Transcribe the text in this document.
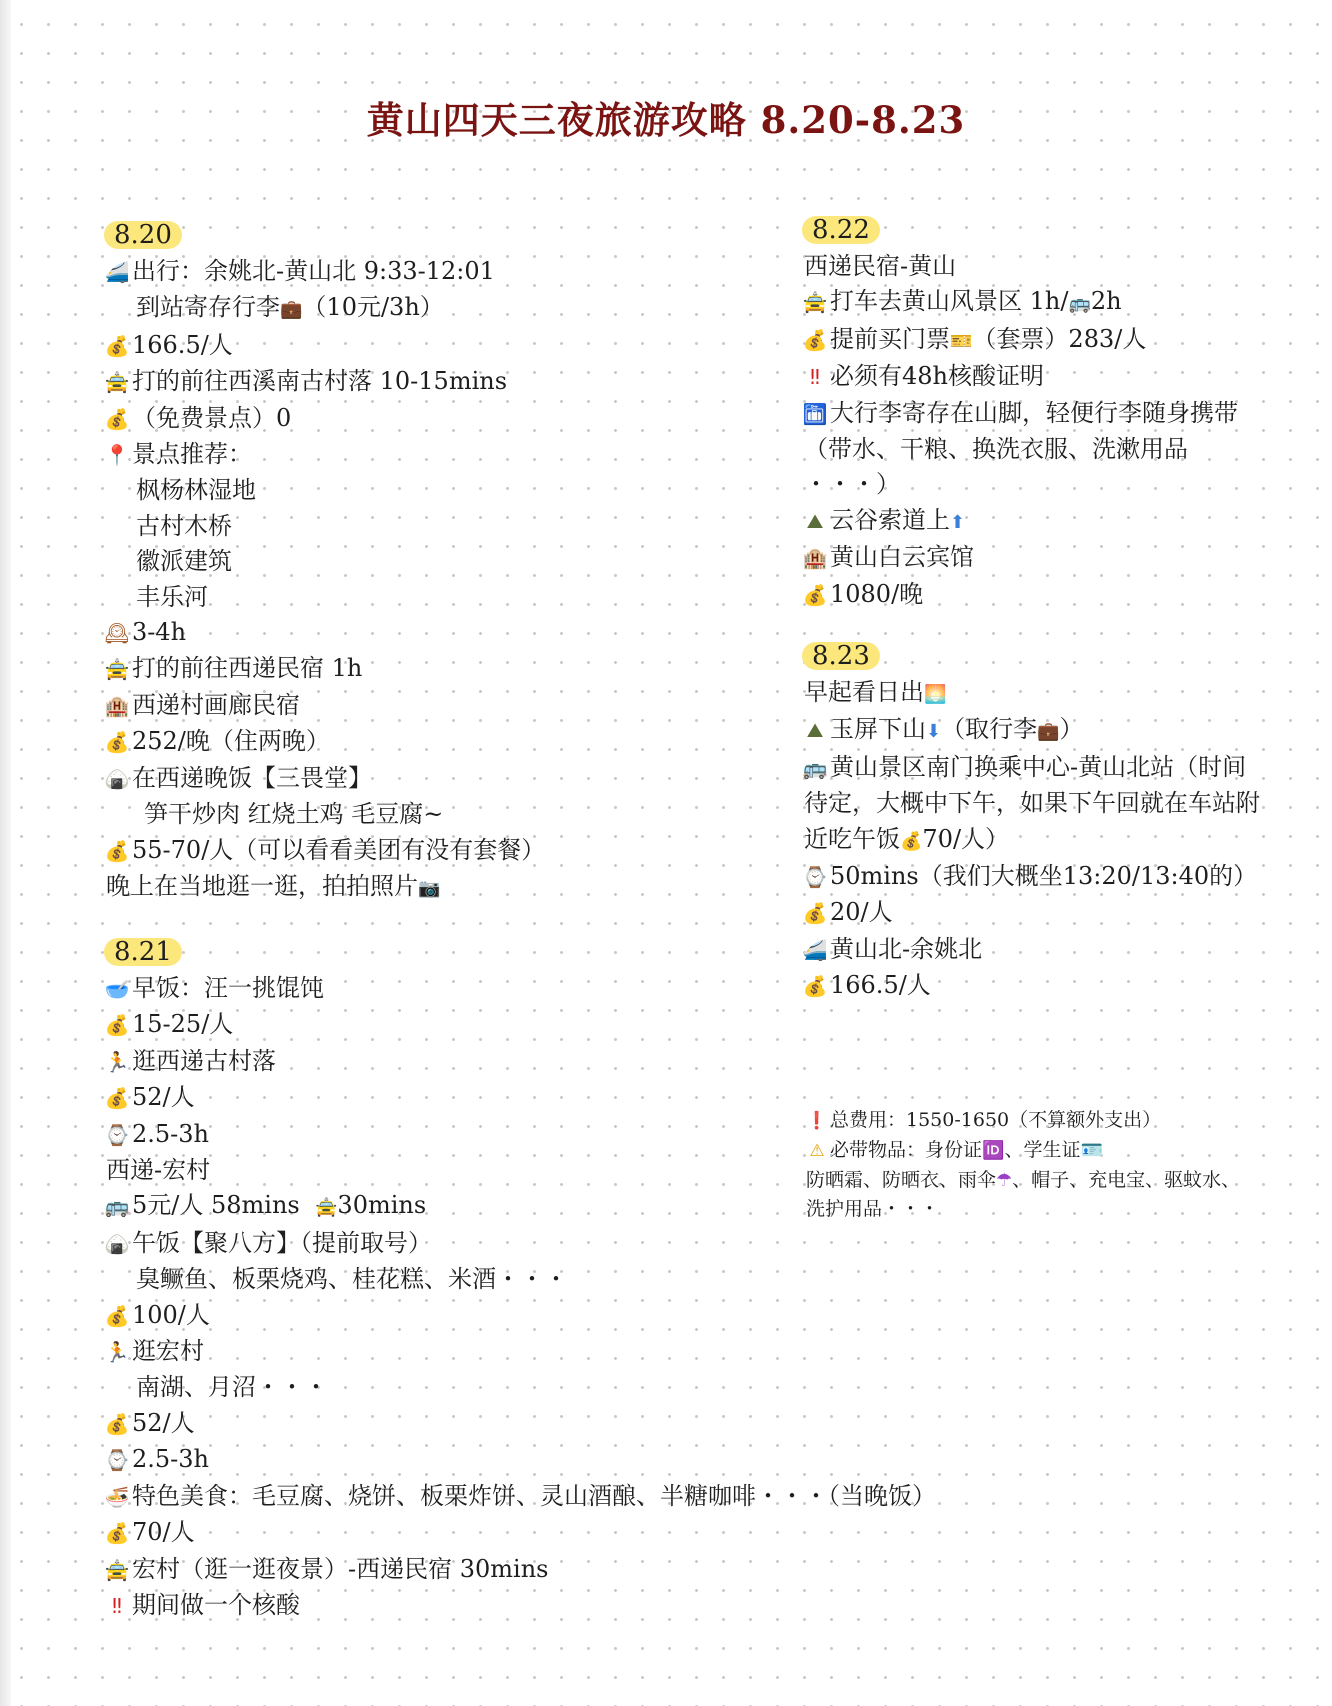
黄山四天三夜旅游攻略 8.20-8.23
8.20
🚄 出行：余姚北-黄山北 9:33-12:01
到站寄存行李💼（10元/3h）
💰 166.5/人
🚖 打的前往西溪南古村落 10-15mins
💰 （免费景点）0
📍 景点推荐：
枫杨林湿地
古村木桥
徽派建筑
丰乐河
🕰3-4h
🚖 打的前往西递民宿 1h
🏨 西递村画廊民宿
💰 252/晚（住两晚）
🍙 在西递晚饭【三畏堂】
笋干炒肉 红烧土鸡 毛豆腐~
💰 55-70/人（可以看看美团有没有套餐）
晚上在当地逛一逛，拍拍照片📷
8.21
🥣 早饭：汪一挑馄饨
💰 15-25/人
🏃 逛西递古村落
💰 52/人
⌚ 2.5-3h
西递-宏村
🚌 5元/人 58mins 🚖30mins
🍙 午饭【聚八方】（提前取号）
臭鳜鱼、板栗烧鸡、桂花糕、米酒・・・
💰 100/人
🏃 逛宏村
南湖、月沼・・・
💰 52/人
⌚ 2.5-3h
🍜 特色美食：毛豆腐、烧饼、板栗炸饼、灵山酒酿、半糖咖啡・・・（当晚饭）
💰 70/人
🚖 宏村（逛一逛夜景）-西递民宿 30mins
‼ 期间做一个核酸
8.22
西递民宿-黄山
🚖 打车去黄山风景区 1h/🚌2h
💰 提前买门票🎫（套票）283/人
‼ 必须有48h核酸证明
🛅 大行李寄存在山脚，轻便行李随身携带
（带水、干粮、换洗衣服、洗漱用品
・・・）
⛰ 云谷索道上⬆
🏨 黄山白云宾馆
💰 1080/晚
8.23
早起看日出🌅
⛰ 玉屏下山⬇（取行李💼）
🚌 黄山景区南门换乘中心-黄山北站（时间
待定，大概中下午，如果下午回就在车站附
近吃午饭💰70/人）
⌚ 50mins（我们大概坐13:20/13:40的）
💰 20/人
🚄 黄山北-余姚北
💰 166.5/人
❗ 总费用：1550-1650（不算额外支出）
⚠ 必带物品：身份证🆔、学生证🪪
防晒霜、防晒衣、雨伞☂、帽子、充电宝、驱蚊水、
洗护用品・・・
